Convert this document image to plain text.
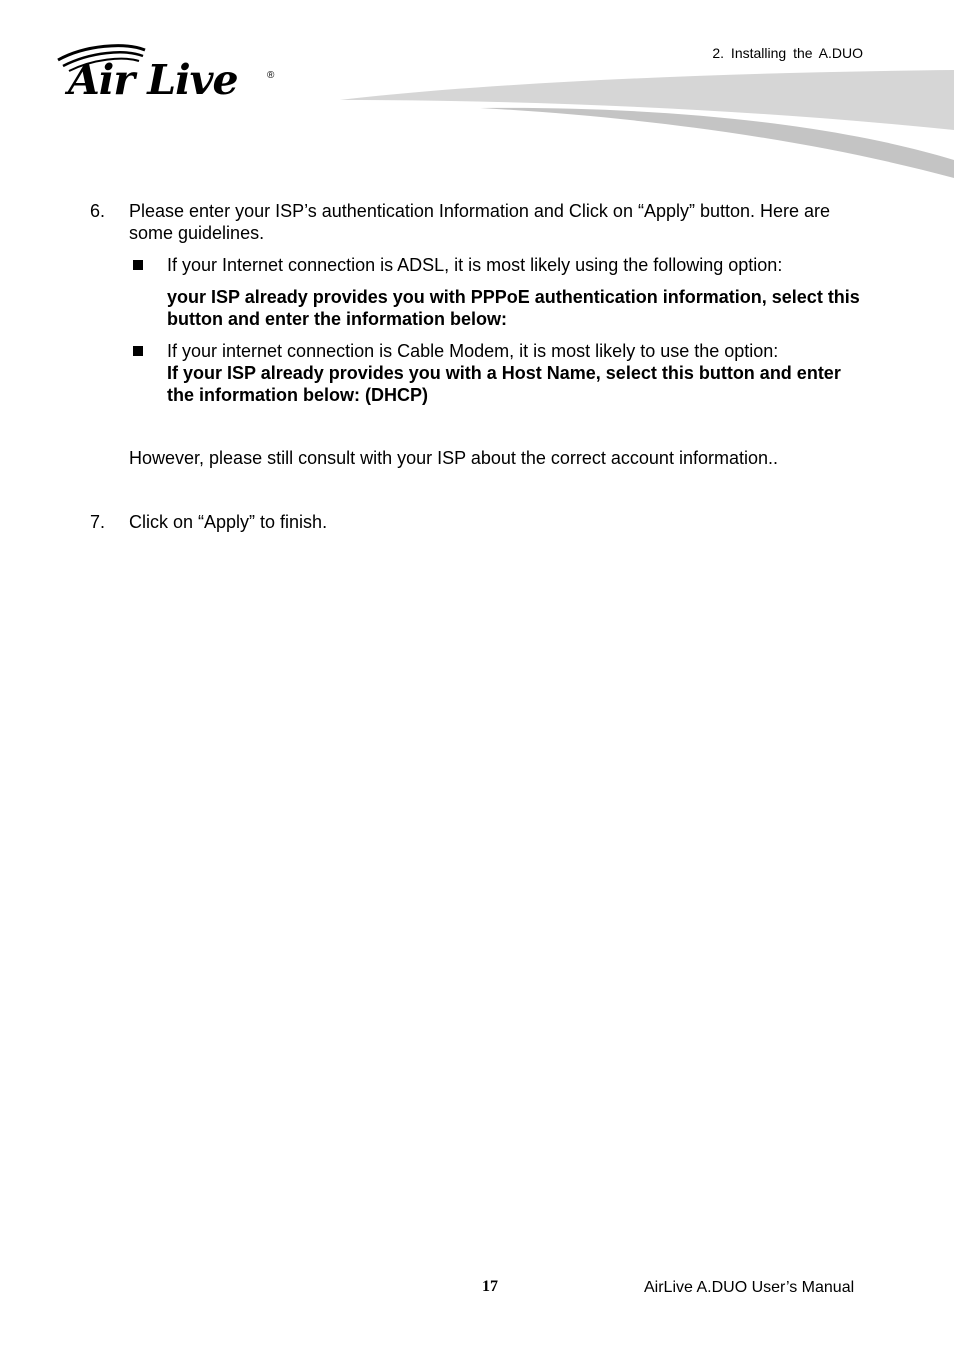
2. Installing the A.DUO
Air Live	®
6. Please enter your ISP’s authentication Information and Click on “Apply” button. Here are some guidelines.
If your Internet connection is ADSL, it is most likely using the following option:
your ISP already provides you with PPPoE authentication information, select this button and enter the information below:
If your internet connection is Cable Modem, it is most likely to use the option:
If your ISP already provides you with a Host Name, select this button and enter the information below: (DHCP)
However, please still consult with your ISP about the correct account information..
7. Click on “Apply” to finish.
17	AirLive A.DUO User’s Manual
